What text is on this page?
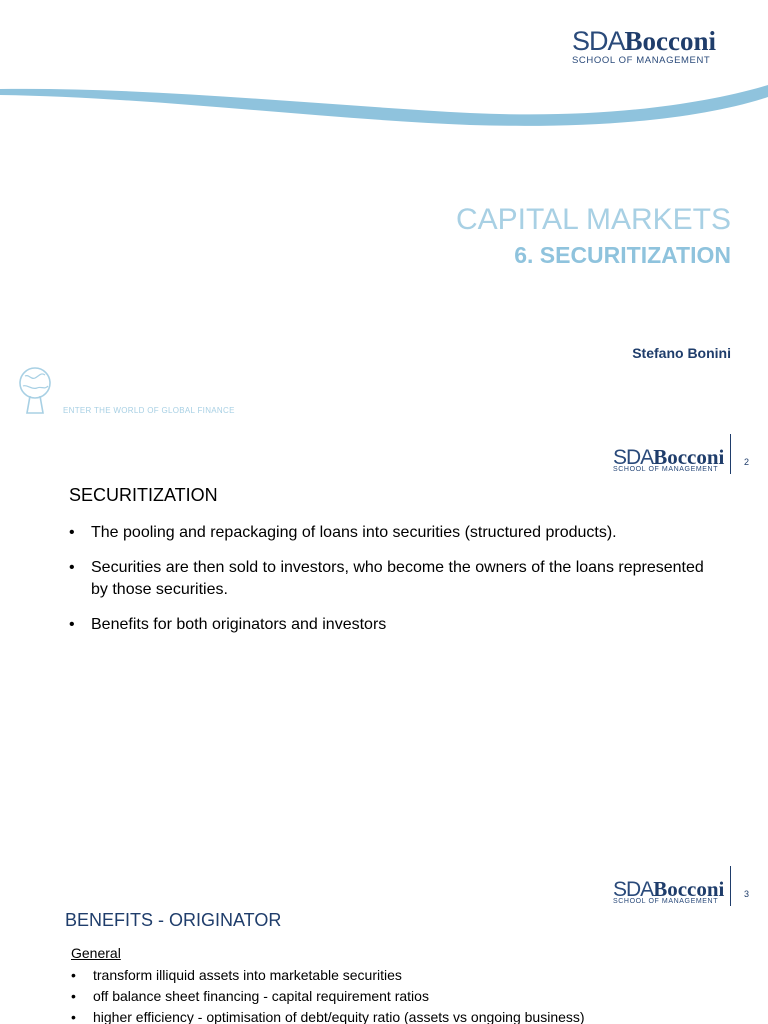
SDABocconi
SCHOOL OF MANAGEMENT
CAPITAL MARKETS
6. SECURITIZATION
Stefano Bonini
ENTER THE WORLD OF GLOBAL FINANCE
SDABocconi
SCHOOL OF MANAGEMENT
2
SECURITIZATION
• The pooling and repackaging of loans into securities (structured products).
• Securities are then sold to investors, who become the owners of the loans represented by those securities.
• Benefits for both originators and investors
SDABocconi
SCHOOL OF MANAGEMENT
3
BENEFITS - ORIGINATOR
General
• transform illiquid assets into marketable securities
• off balance sheet financing - capital requirement ratios
• higher efficiency - optimisation of debt/equity ratio (assets vs ongoing business)
